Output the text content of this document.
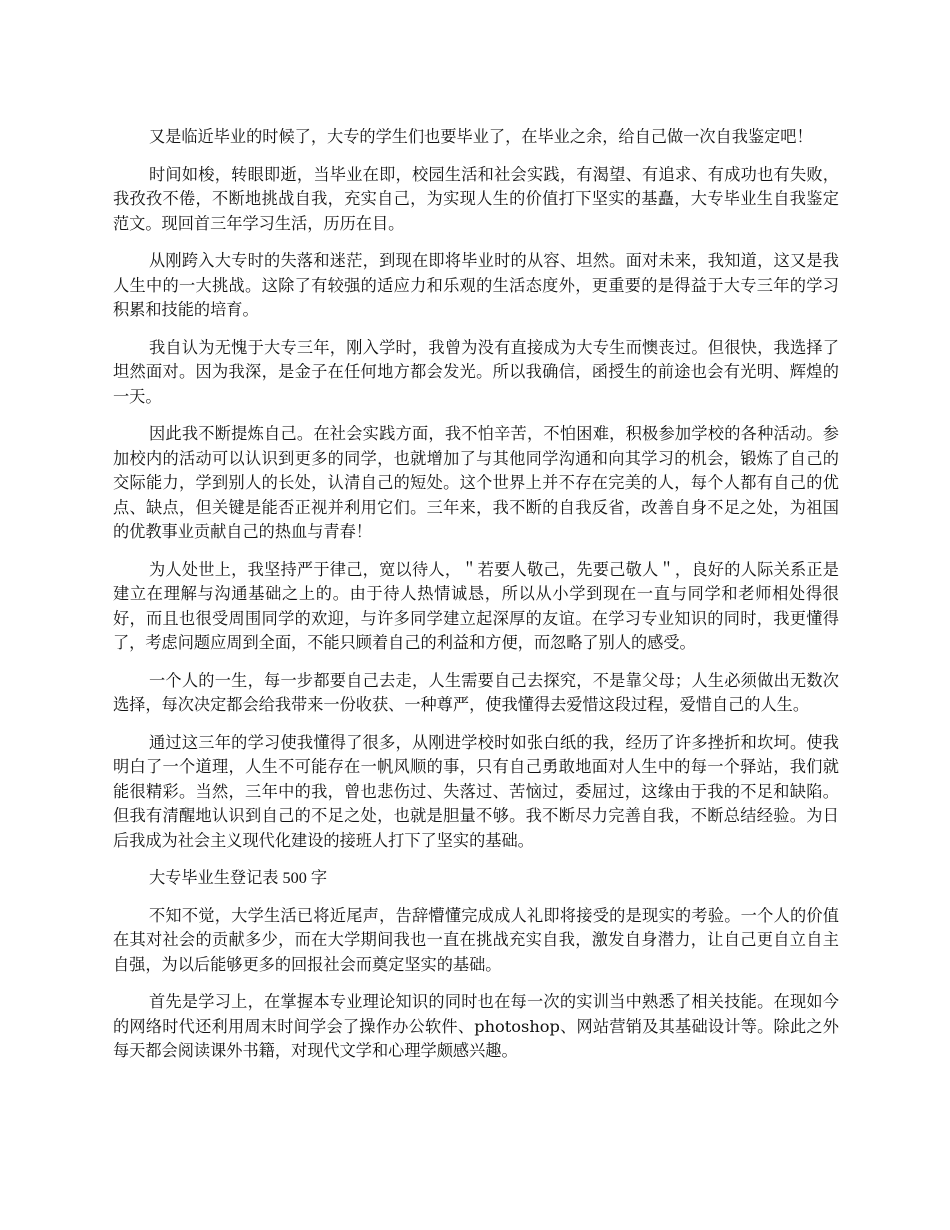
又是临近毕业的时候了，大专的学生们也要毕业了，在毕业之余，给自己做一次自我鉴定吧！

时间如梭，转眼即逝，当毕业在即，校园生活和社会实践，有渴望、有追求、有成功也有失败，我孜孜不倦，不断地挑战自我，充实自己，为实现人生的价值打下坚实的基矗，大专毕业生自我鉴定范文。现回首三年学习生活，历历在目。

从刚跨入大专时的失落和迷茫，到现在即将毕业时的从容、坦然。面对未来，我知道，这又是我人生中的一大挑战。这除了有较强的适应力和乐观的生活态度外，更重要的是得益于大专三年的学习积累和技能的培育。

我自认为无愧于大专三年，刚入学时，我曾为没有直接成为大专生而懊丧过。但很快，我选择了坦然面对。因为我深，是金子在任何地方都会发光。所以我确信，函授生的前途也会有光明、辉煌的一天。

因此我不断提炼自己。在社会实践方面，我不怕辛苦，不怕困难，积极参加学校的各种活动。参加校内的活动可以认识到更多的同学，也就增加了与其他同学沟通和向其学习的机会，锻炼了自己的交际能力，学到别人的长处，认清自己的短处。这个世界上并不存在完美的人，每个人都有自己的优点、缺点，但关键是能否正视并利用它们。三年来，我不断的自我反省，改善自身不足之处，为祖国的优教事业贡献自己的热血与青春！

为人处世上，我坚持严于律己，宽以待人，＂若要人敬己，先要己敬人＂，良好的人际关系正是建立在理解与沟通基础之上的。由于待人热情诚恳，所以从小学到现在一直与同学和老师相处得很好，而且也很受周围同学的欢迎，与许多同学建立起深厚的友谊。在学习专业知识的同时，我更懂得了，考虑问题应周到全面，不能只顾着自己的利益和方便，而忽略了别人的感受。

一个人的一生，每一步都要自己去走，人生需要自己去探究，不是靠父母；人生必须做出无数次选择，每次决定都会给我带来一份收获、一种尊严，使我懂得去爱惜这段过程，爱惜自己的人生。

通过这三年的学习使我懂得了很多，从刚进学校时如张白纸的我，经历了许多挫折和坎坷。使我明白了一个道理，人生不可能存在一帆风顺的事，只有自己勇敢地面对人生中的每一个驿站，我们就能很精彩。当然，三年中的我，曾也悲伤过、失落过、苦恼过，委屈过，这缘由于我的不足和缺陷。但我有清醒地认识到自己的不足之处，也就是胆量不够。我不断尽力完善自我，不断总结经验。为日后我成为社会主义现代化建设的接班人打下了坚实的基础。

大专毕业生登记表 500 字

不知不觉，大学生活已将近尾声，告辞懵懂完成成人礼即将接受的是现实的考验。一个人的价值在其对社会的贡献多少，而在大学期间我也一直在挑战充实自我，激发自身潜力，让自己更自立自主自强，为以后能够更多的回报社会而奠定坚实的基础。

首先是学习上，在掌握本专业理论知识的同时也在每一次的实训当中熟悉了相关技能。在现如今的网络时代还利用周末时间学会了操作办公软件、photoshop、网站营销及其基础设计等。除此之外每天都会阅读课外书籍，对现代文学和心理学颇感兴趣。
